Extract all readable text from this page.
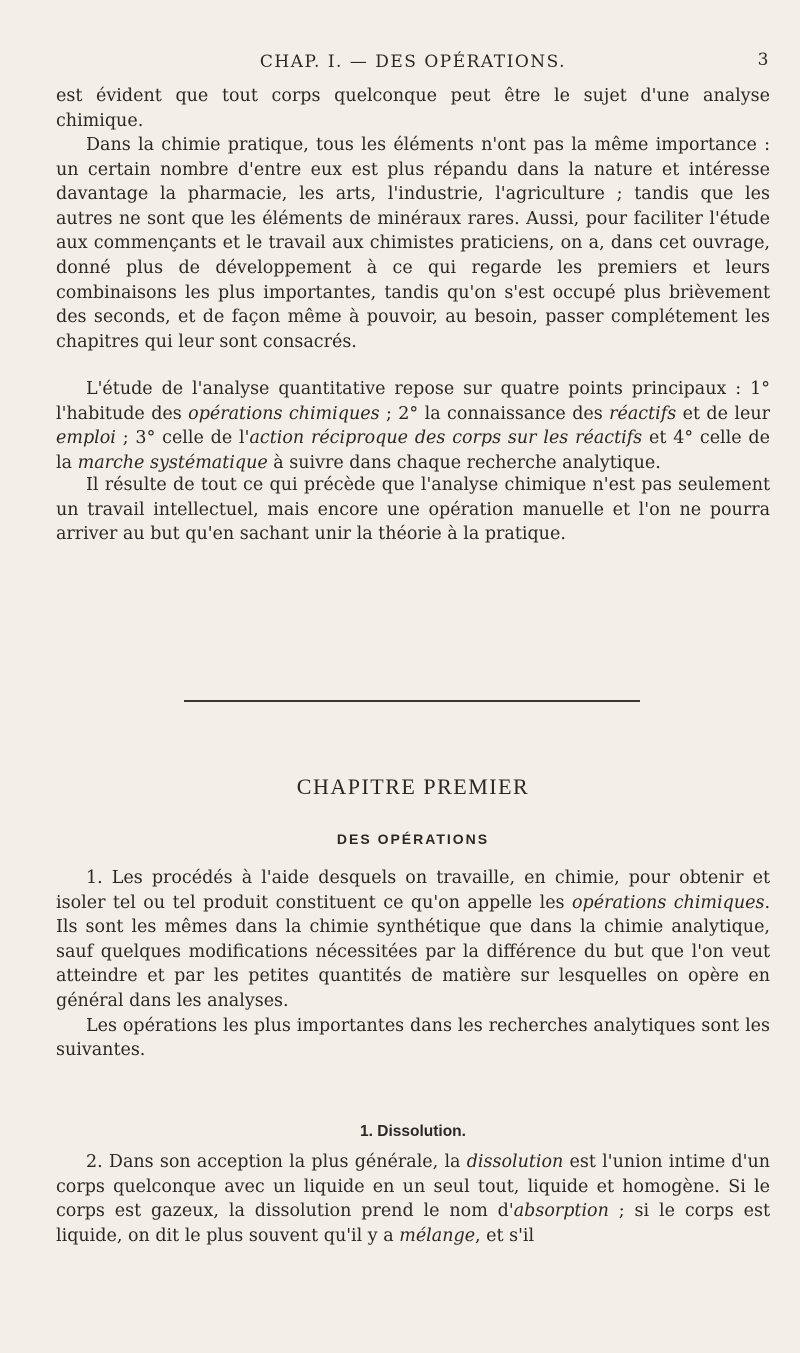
CHAP. I. — DES OPÉRATIONS.	3

est évident que tout corps quelconque peut être le sujet d'une analyse chimique.

Dans la chimie pratique, tous les éléments n'ont pas la même importance : un certain nombre d'entre eux est plus répandu dans la nature et intéresse davantage la pharmacie, les arts, l'industrie, l'agriculture ; tandis que les autres ne sont que les éléments de minéraux rares. Aussi, pour faciliter l'étude aux commençants et le travail aux chimistes praticiens, on a, dans cet ouvrage, donné plus de développement à ce qui regarde les premiers et leurs combinaisons les plus importantes, tandis qu'on s'est occupé plus brièvement des seconds, et de façon même à pouvoir, au besoin, passer complétement les chapitres qui leur sont consacrés.

L'étude de l'analyse quantitative repose sur quatre points principaux : 1° l'habitude des opérations chimiques ; 2° la connaissance des réactifs et de leur emploi ; 3° celle de l'action réciproque des corps sur les réactifs et 4° celle de la marche systématique à suivre dans chaque recherche analytique.

Il résulte de tout ce qui précède que l'analyse chimique n'est pas seulement un travail intellectuel, mais encore une opération manuelle et l'on ne pourra arriver au but qu'en sachant unir la théorie à la pratique.

CHAPITRE PREMIER
DES OPÉRATIONS

1. Les procédés à l'aide desquels on travaille, en chimie, pour obtenir et isoler tel ou tel produit constituent ce qu'on appelle les opérations chimiques. Ils sont les mêmes dans la chimie synthétique que dans la chimie analytique, sauf quelques modifications nécessitées par la différence du but que l'on veut atteindre et par les petites quantités de matière sur lesquelles on opère en général dans les analyses.

Les opérations les plus importantes dans les recherches analytiques sont les suivantes.

1. Dissolution.

2. Dans son acception la plus générale, la dissolution est l'union intime d'un corps quelconque avec un liquide en un seul tout, liquide et homogène. Si le corps est gazeux, la dissolution prend le nom d'absorption ; si le corps est liquide, on dit le plus souvent qu'il y a mélange, et s'il
